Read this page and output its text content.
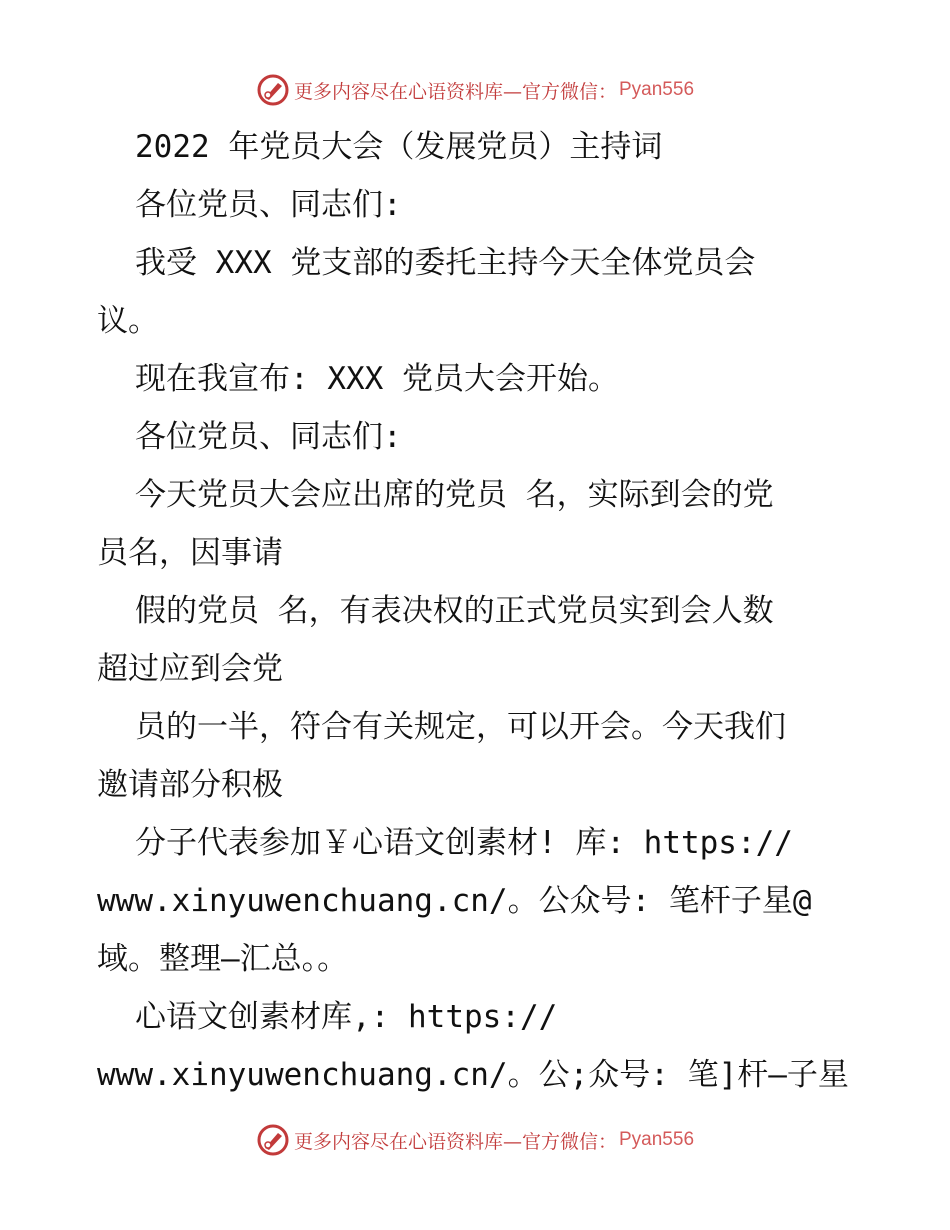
更多内容尽在心语资料库—官方微信： Pyan556
2022 年党员大会（发展党员）主持词
各位党员、同志们:
我受 XXX 党支部的委托主持今天全体党员会
议。
现在我宣布: XXX 党员大会开始。
各位党员、同志们:
今天党员大会应出席的党员 名，实际到会的党
员名，因事请
假的党员 名，有表决权的正式党员实到会人数
超过应到会党
员的一半，符合有关规定，可以开会。今天我们
邀请部分积极
分子代表参加￥心语文创素材! 库: https://
www.xinyuwenchuang.cn/。公众号: 笔杆子星@
域。整理—汇总。。
心语文创素材库,: https://
www.xinyuwenchuang.cn/。公;众号: 笔]杆—子星
更多内容尽在心语资料库—官方微信： Pyan556
